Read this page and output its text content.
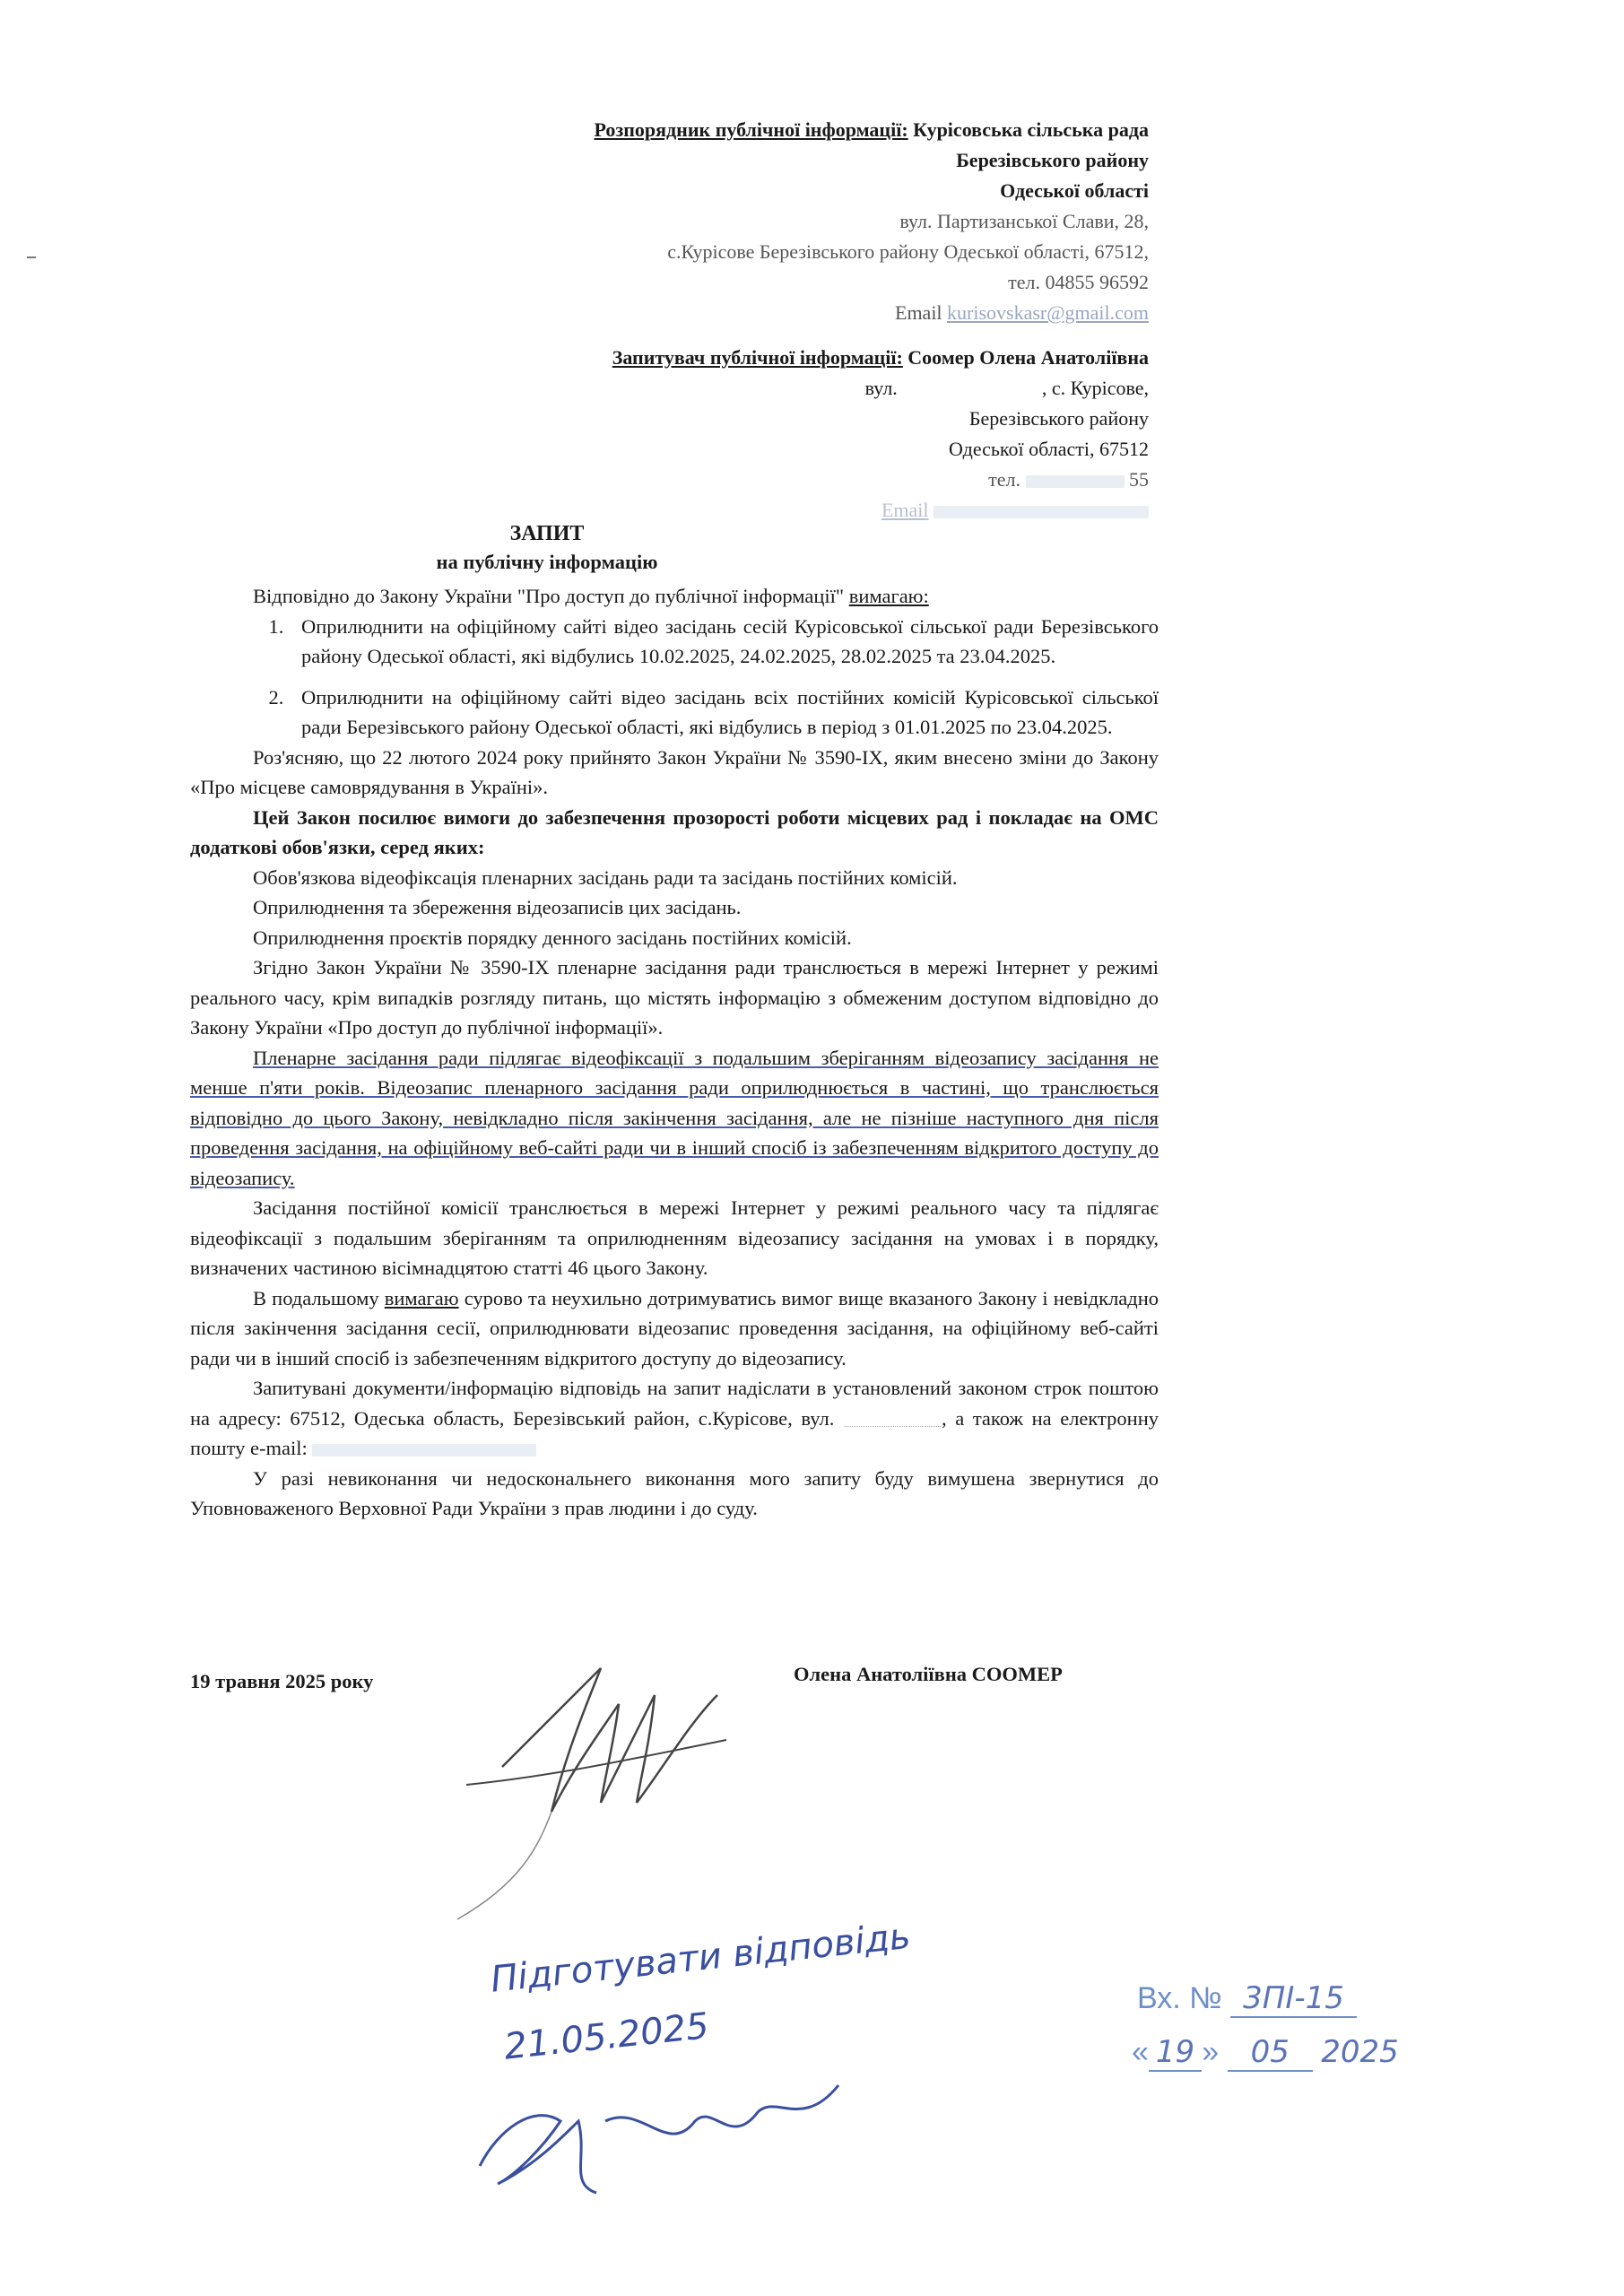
Розпорядник публічної інформації: Курісовська сільська рада
Березівського району
Одеської області
вул. Партизанської Слави, 28,
с.Курісове Березівського району Одеської області, 67512,
тел. 04855 96592
Email kurisovskasr@gmail.com
Запитувач публічної інформації: Соомер Олена Анатоліївна
вул.	, с. Курісове,
Березівського району
Одеської області, 67512
тел.	55
Email
ЗАПИТ
на публічну інформацію

Відповідно до Закону України "Про доступ до публічної інформації" вимагаю:

1. Оприлюднити на офіційному сайті відео засідань сесій Курісовської сільської ради Березівського району Одеської області, які відбулись 10.02.2025, 24.02.2025, 28.02.2025 та 23.04.2025.
2. Оприлюднити на офіційному сайті відео засідань всіх постійних комісій Курісовської сільської ради Березівського району Одеської області, які відбулись в період з 01.01.2025 по 23.04.2025.

Роз'ясняю, що 22 лютого 2024 року прийнято Закон України № 3590-IX, яким внесено зміни до Закону «Про місцеве самоврядування в Україні».

Цей Закон посилює вимоги до забезпечення прозорості роботи місцевих рад і покладає на ОМС додаткові обов'язки, серед яких:

Обов'язкова відеофіксація пленарних засідань ради та засідань постійних комісій.

Оприлюднення та збереження відеозаписів цих засідань.

Оприлюднення проєктів порядку денного засідань постійних комісій.

Згідно Закон України № 3590-IX пленарне засідання ради транслюється в мережі Інтернет у режимі реального часу, крім випадків розгляду питань, що містять інформацію з обмеженим доступом відповідно до Закону України «Про доступ до публічної інформації».

Пленарне засідання ради підлягає відеофіксації з подальшим зберіганням відеозапису засідання не менше п'яти років. Відеозапис пленарного засідання ради оприлюднюється в частині, що транслюється відповідно до цього Закону, невідкладно після закінчення засідання, але не пізніше наступного дня після проведення засідання, на офіційному веб-сайті ради чи в інший спосіб із забезпеченням відкритого доступу до відеозапису.

Засідання постійної комісії транслюється в мережі Інтернет у режимі реального часу та підлягає відеофіксації з подальшим зберіганням та оприлюдненням відеозапису засідання на умовах і в порядку, визначених частиною вісімнадцятою статті 46 цього Закону.

В подальшому вимагаю сурово та неухильно дотримуватись вимог вище вказаного Закону і невідкладно після закінчення засідання сесії, оприлюднювати відеозапис проведення засідання, на офіційному веб-сайті ради чи в інший спосіб із забезпеченням відкритого доступу до відеозапису.

Запитувані документи/інформацію відповідь на запит надіслати в установлений законом строк поштою на адресу: 67512, Одеська область, Березівський район, с.Курісове, вул.	, а також на електронну пошту e-mail:

У разі невиконання чи недоскональнего виконання мого запиту буду вимушена звернутися до Уповноваженого Верховної Ради України з прав людини і до суду.

19 травня 2025 року	Олена Анатоліївна СООМЕР
Підготувати відповідь
21.05.2025
Вх. № 3ПІ-15
« 19 » 05 2025
